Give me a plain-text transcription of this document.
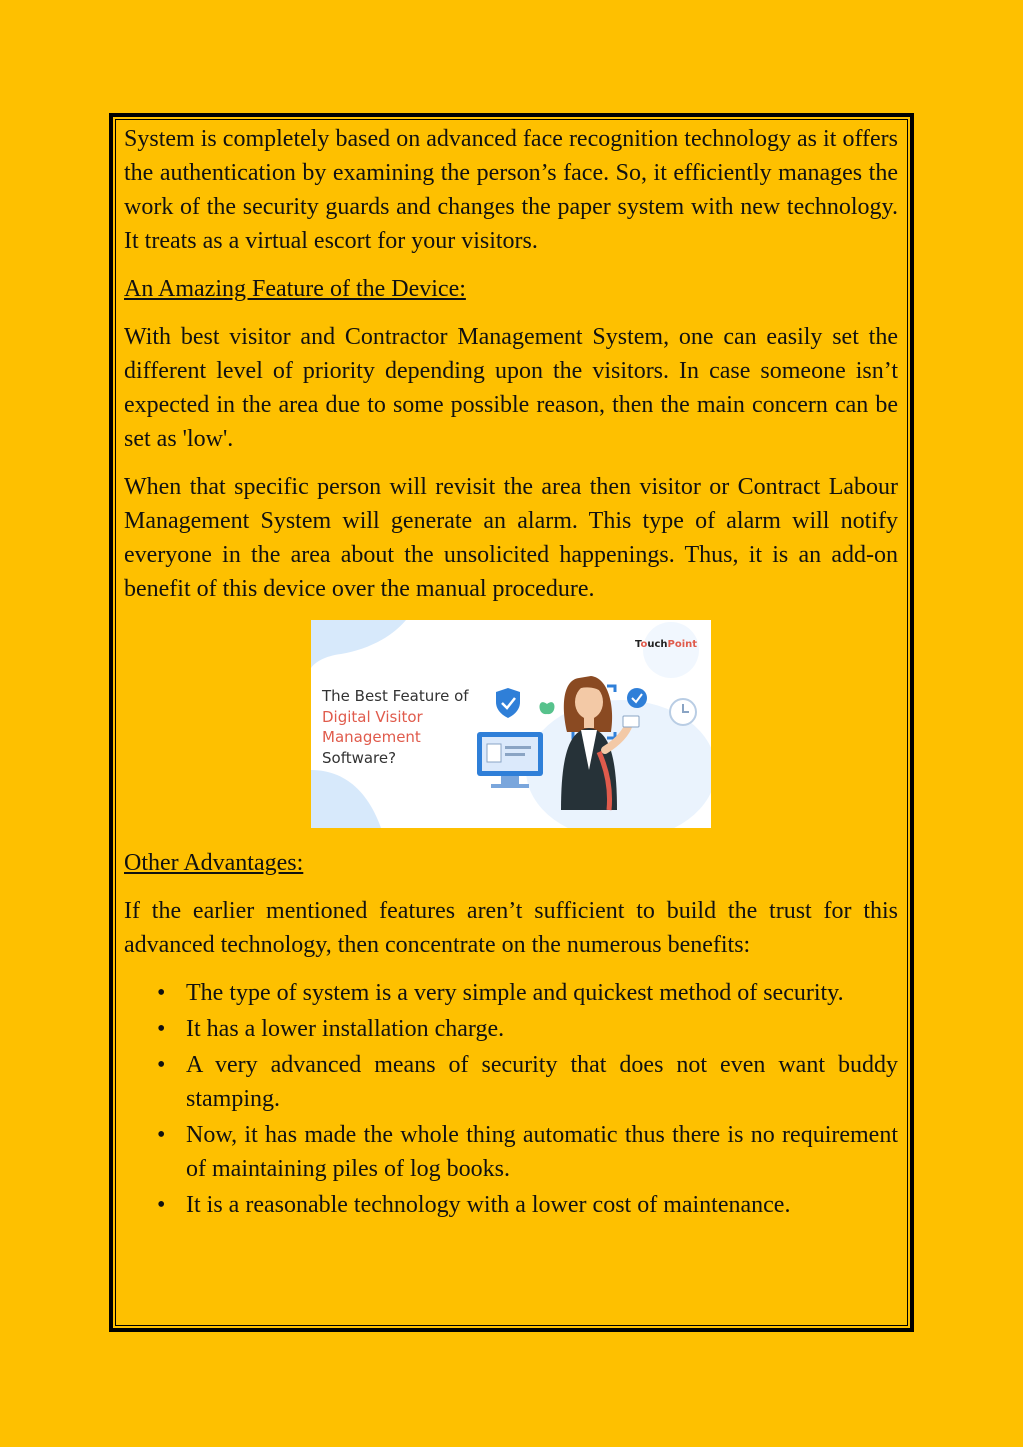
System is completely based on advanced face recognition technology as it offers the authentication by examining the person’s face. So, it efficiently manages the work of the security guards and changes the paper system with new technology. It treats as a virtual escort for your visitors.

An Amazing Feature of the Device:

With best visitor and Contractor Management System, one can easily set the different level of priority depending upon the visitors. In case someone isn’t expected in the area due to some possible reason, then the main concern can be set as 'low'.

When that specific person will revisit the area then visitor or Contract Labour Management System will generate an alarm. This type of alarm will notify everyone in the area about the unsolicited happenings. Thus, it is an add-on benefit of this device over the manual procedure.

TouchPoint
The Best Feature of
Digital Visitor
Management
Software?

Other Advantages:

If the earlier mentioned features aren’t sufficient to build the trust for this advanced technology, then concentrate on the numerous benefits:

• The type of system is a very simple and quickest method of security.
• It has a lower installation charge.
• A very advanced means of security that does not even want buddy stamping.
• Now, it has made the whole thing automatic thus there is no requirement of maintaining piles of log books.
• It is a reasonable technology with a lower cost of maintenance.
